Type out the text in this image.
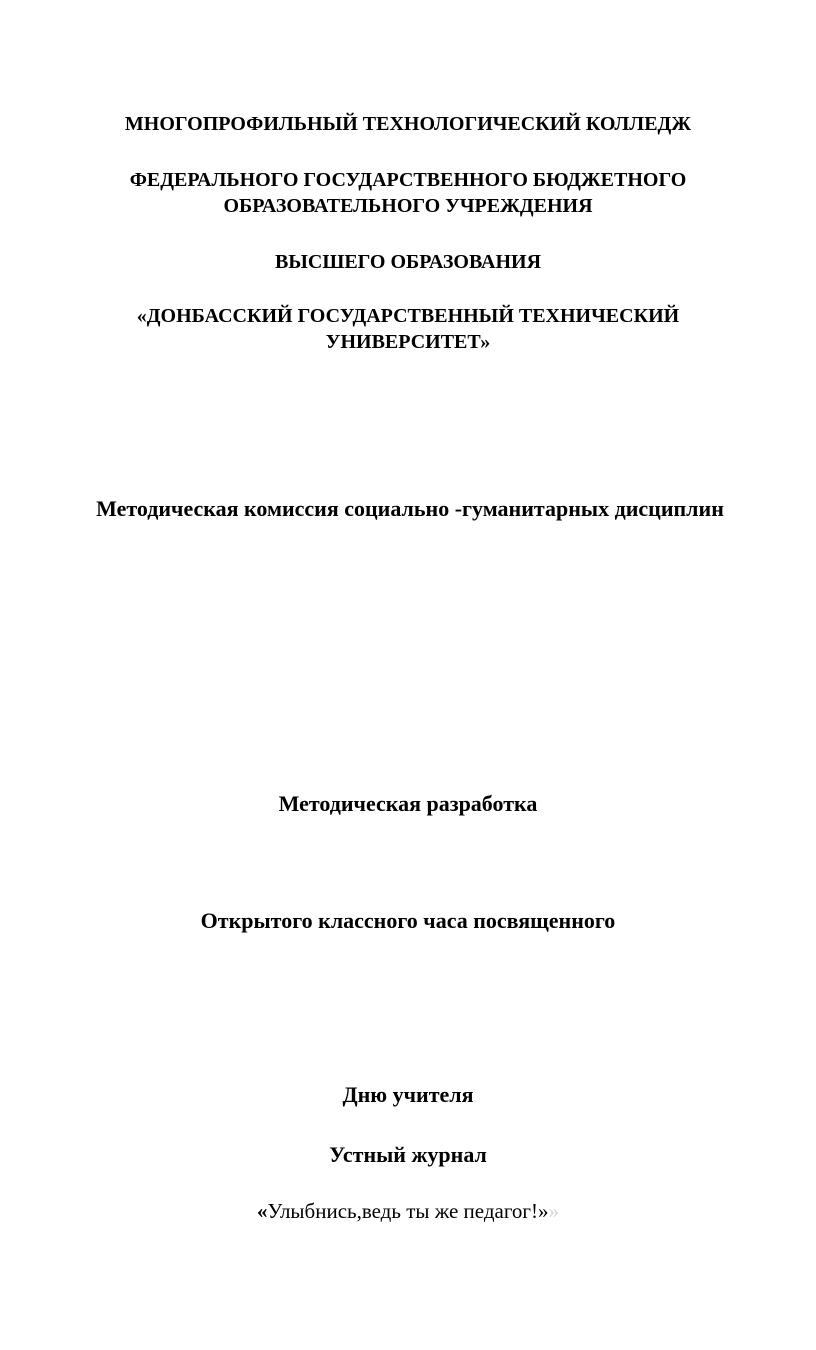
МНОГОПРОФИЛЬНЫЙ ТЕХНОЛОГИЧЕСКИЙ КОЛЛЕДЖ
ФЕДЕРАЛЬНОГО ГОСУДАРСТВЕННОГО БЮДЖЕТНОГО
ОБРАЗОВАТЕЛЬНОГО УЧРЕЖДЕНИЯ
ВЫСШЕГО ОБРАЗОВАНИЯ
«ДОНБАССКИЙ ГОСУДАРСТВЕННЫЙ ТЕХНИЧЕСКИЙ
УНИВЕРСИТЕТ»
Методическая комиссия социально -гуманитарных дисциплин
Методическая разработка
Открытого классного часа посвященного
Дню учителя
Устный журнал
«Улыбнись,ведь ты же педагог!»»
